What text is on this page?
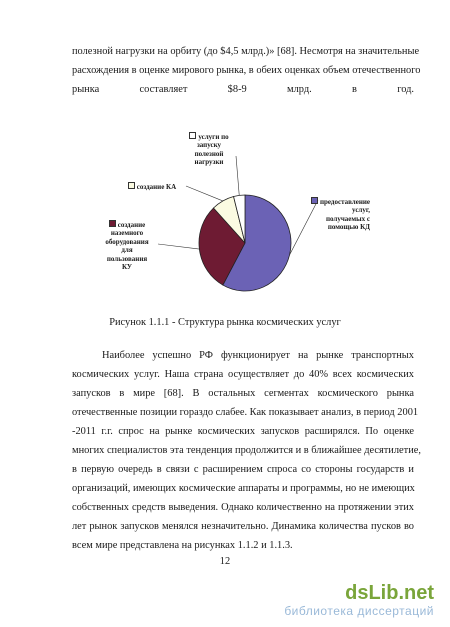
полезной нагрузки на орбиту (до $4,5 млрд.)» [68]. Несмотря на значительные
расхождения в оценке мирового рынка, в обеих оценках объем отечественного
рынка составляет $8-9 млрд. в год.
предоставление
услуг,
получаемых с
помощью КД
создание
наземного
оборудования
для
пользования
КУ
создание КА
услуги по
запуску
полезной
нагрузки
Рисунок 1.1.1 - Структура рынка космических услуг
Наиболее успешно РФ функционирует на рынке транспортных
космических услуг. Наша страна осуществляет до 40% всех космических
запусков в мире [68]. В остальных сегментах космического рынка
отечественные позиции гораздо слабее. Как показывает анализ, в период 2001
-2011 г.г. спрос на рынке космических запусков расширялся. По оценке
многих специалистов эта тенденция продолжится и в ближайшее десятилетие,
в первую очередь в связи с расширением спроса со стороны государств и
организаций, имеющих космические аппараты и программы, но не имеющих
собственных средств выведения. Однако количественно на протяжении этих
лет рынок запусков менялся незначительно. Динамика количества пусков во
всем мире представлена на рисунках 1.1.2 и 1.1.3.
12
dsLib.net
библиотека диссертаций
